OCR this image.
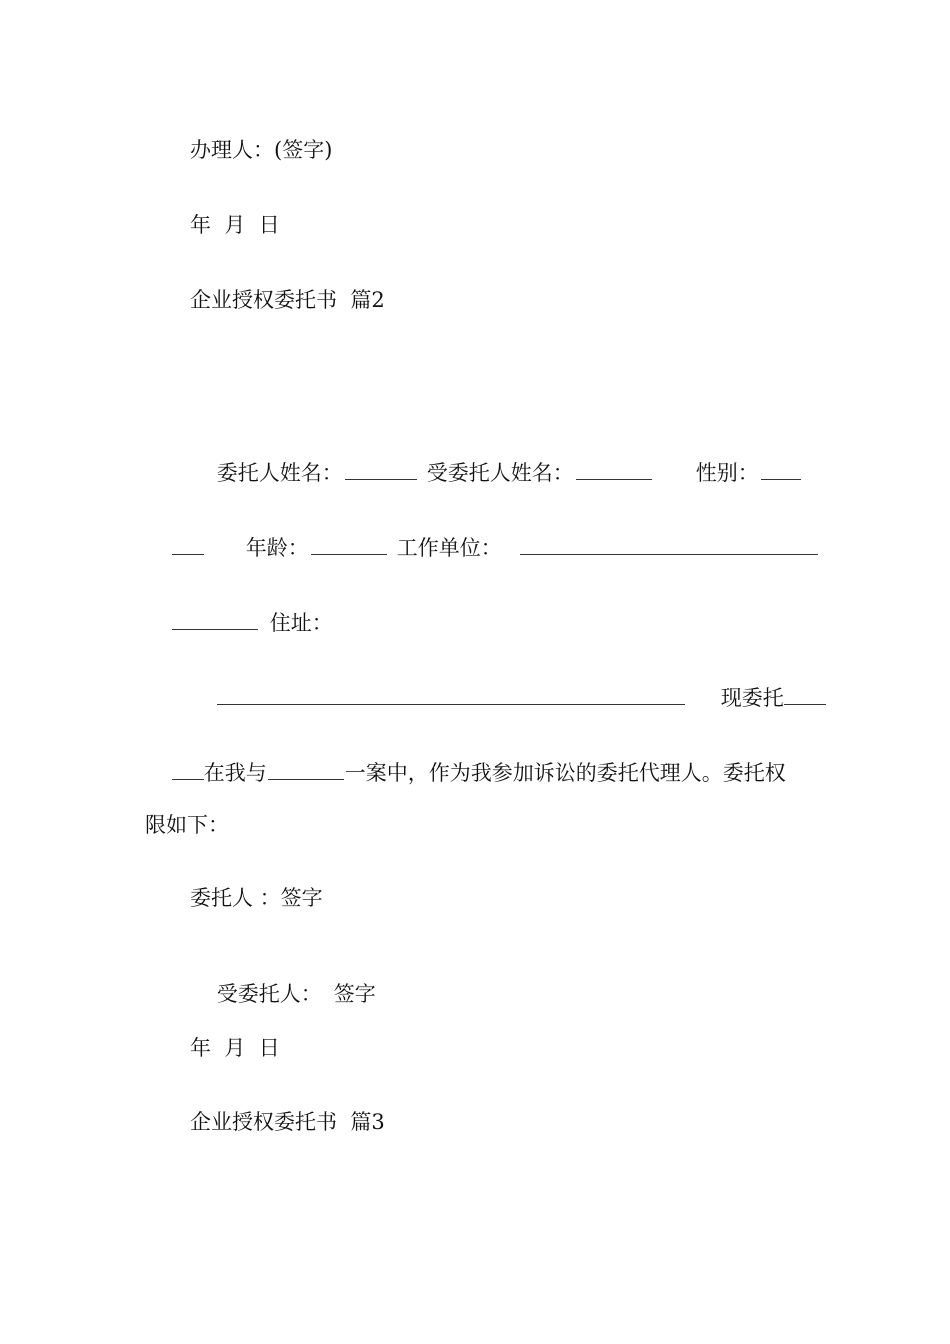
办理人：(签字)
年  月  日
企业授权委托书  篇2

委托人姓名：	受委托人姓名：	性别：

年龄：	工作单位：

住址：

现委托

在我与	一案中，作为我参加诉讼的委托代理人。委托权

限如下：
委托人 ：签字

受委托人： 签字

年  月  日
企业授权委托书  篇3
